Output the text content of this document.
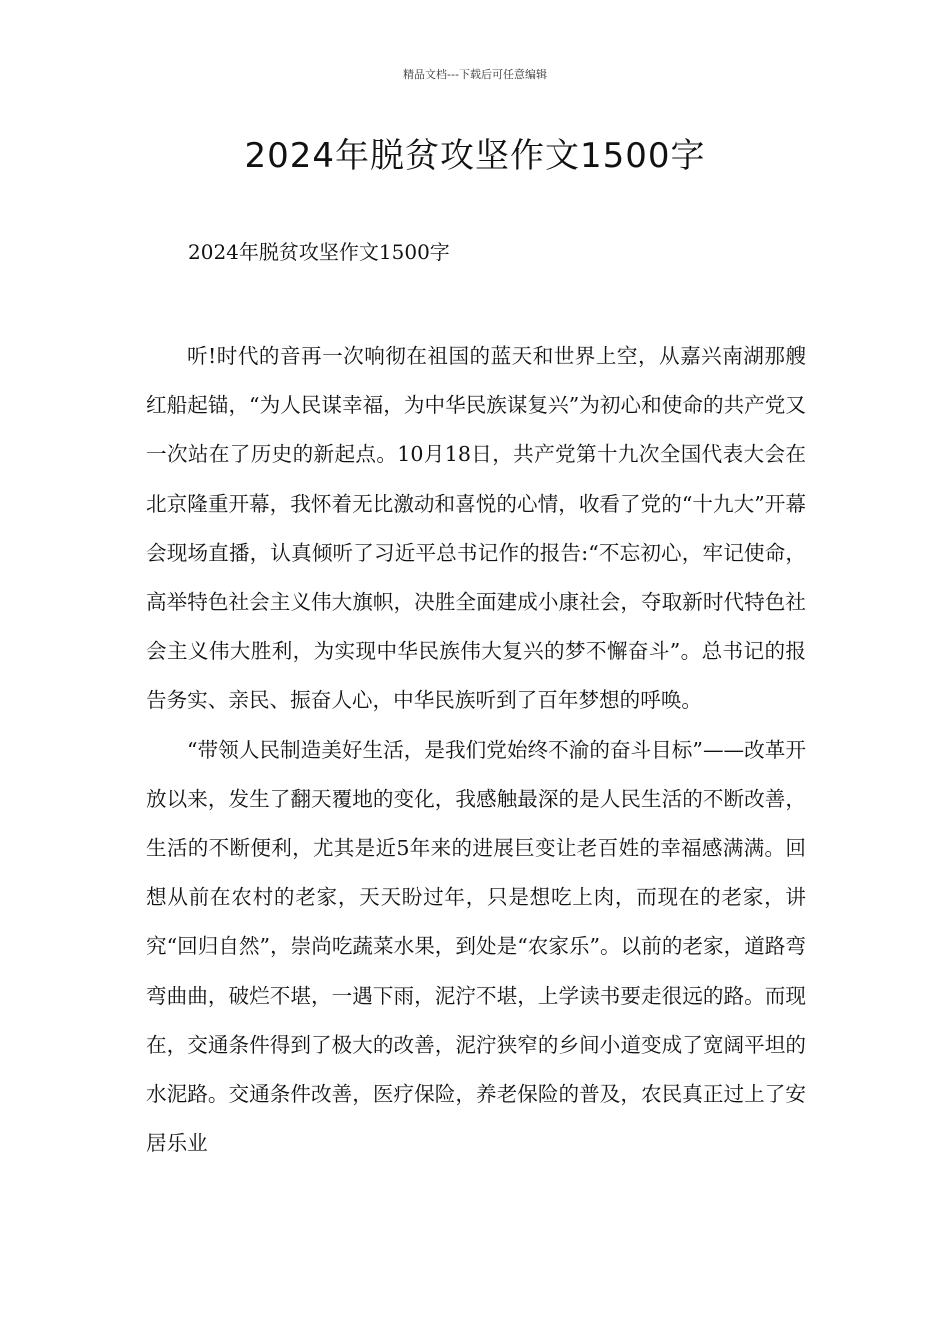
精品文档---下载后可任意编辑
2024年脱贫攻坚作文1500字

2024年脱贫攻坚作文1500字

听!时代的音再一次响彻在祖国的蓝天和世界上空，从嘉兴南湖那艘红船起锚，“为人民谋幸福，为中华民族谋复兴”为初心和使命的共产党又一次站在了历史的新起点。10月18日，共产党第十九次全国代表大会在北京隆重开幕，我怀着无比激动和喜悦的心情，收看了党的“十九大”开幕会现场直播，认真倾听了习近平总书记作的报告:“不忘初心，牢记使命，高举特色社会主义伟大旗帜，决胜全面建成小康社会，夺取新时代特色社会主义伟大胜利，为实现中华民族伟大复兴的梦不懈奋斗”。总书记的报告务实、亲民、振奋人心，中华民族听到了百年梦想的呼唤。

“带领人民制造美好生活，是我们党始终不渝的奋斗目标”——改革开放以来，发生了翻天覆地的变化，我感触最深的是人民生活的不断改善，生活的不断便利，尤其是近5年来的进展巨变让老百姓的幸福感满满。回想从前在农村的老家，天天盼过年，只是想吃上肉，而现在的老家，讲究“回归自然”，崇尚吃蔬菜水果，到处是“农家乐”。以前的老家，道路弯弯曲曲，破烂不堪，一遇下雨，泥泞不堪，上学读书要走很远的路。而现在，交通条件得到了极大的改善，泥泞狭窄的乡间小道变成了宽阔平坦的水泥路。交通条件改善，医疗保险，养老保险的普及，农民真正过上了安居乐业
